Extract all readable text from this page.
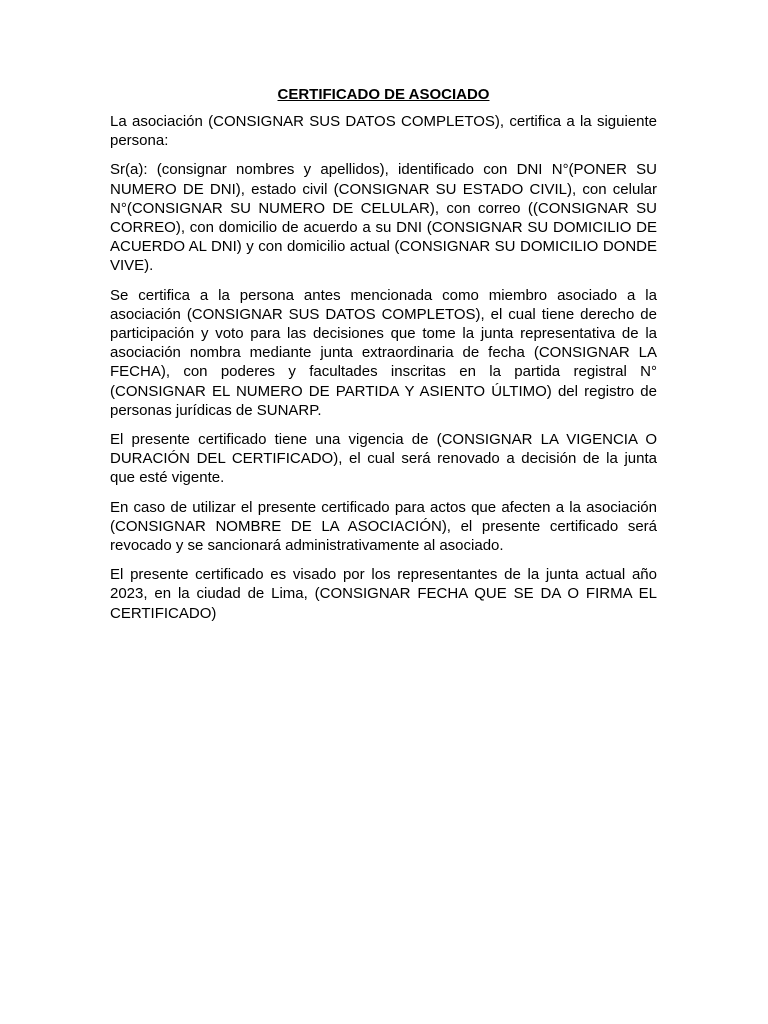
CERTIFICADO DE ASOCIADO

La asociación (CONSIGNAR SUS DATOS COMPLETOS), certifica a la siguiente persona:

Sr(a): (consignar nombres y apellidos), identificado con DNI N°(PONER SU NUMERO DE DNI), estado civil (CONSIGNAR SU ESTADO CIVIL), con celular N°(CONSIGNAR SU NUMERO DE CELULAR), con correo ((CONSIGNAR SU CORREO), con domicilio de acuerdo a su DNI (CONSIGNAR SU DOMICILIO DE ACUERDO AL DNI) y con domicilio actual (CONSIGNAR SU DOMICILIO DONDE VIVE).

Se certifica a la persona antes mencionada como miembro asociado a la asociación (CONSIGNAR SUS DATOS COMPLETOS), el cual tiene derecho de participación y voto para las decisiones que tome la junta representativa de la asociación nombra mediante junta extraordinaria de fecha (CONSIGNAR LA FECHA), con poderes y facultades inscritas en la partida registral N° (CONSIGNAR EL NUMERO DE PARTIDA Y ASIENTO ÚLTIMO) del registro de personas jurídicas de SUNARP.

El presente certificado tiene una vigencia de (CONSIGNAR LA VIGENCIA O DURACIÓN DEL CERTIFICADO), el cual será renovado a decisión de la junta que esté vigente.

En caso de utilizar el presente certificado para actos que afecten a la asociación (CONSIGNAR NOMBRE DE LA ASOCIACIÓN), el presente certificado será revocado y se sancionará administrativamente al asociado.

El presente certificado es visado por los representantes de la junta actual año 2023, en la ciudad de Lima, (CONSIGNAR FECHA QUE SE DA O FIRMA EL CERTIFICADO)
